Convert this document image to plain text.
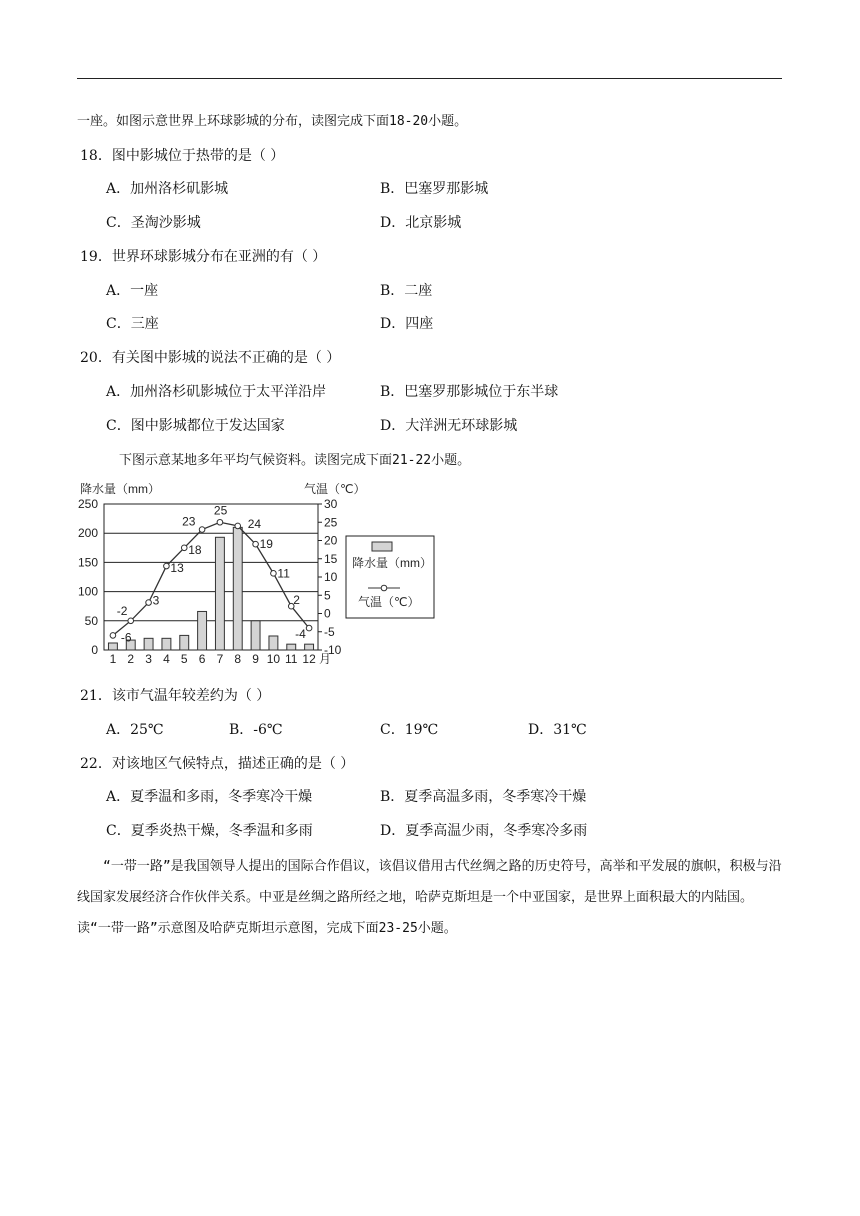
一座。如图示意世界上环球影城的分布，读图完成下面18-20小题。
18．图中影城位于热带的是（ ）
A．加州洛杉矶影城	B．巴塞罗那影城
C．圣淘沙影城	D．北京影城
19．世界环球影城分布在亚洲的有（ ）
A．一座	B．二座
C．三座	D．四座
20．有关图中影城的说法不正确的是（ ）
A．加州洛杉矶影城位于太平洋沿岸	B．巴塞罗那影城位于东半球
C．图中影城都位于发达国家	D．大洋洲无环球影城
下图示意某地多年平均气候资料。读图完成下面21-22小题。
0
50
100
150
200
250
-10
-5
0
5
10
15
20
25
30
降水量（mm）	气温（℃）
1 2 3 4 5 6 7 8 9 10 11 12 月
-6
-2
3
13
18
23
25
24
19
11
2
-4
降水量（mm）
气温（℃）
21．该市气温年较差约为（ ）
A．25℃	B．-6℃	C．19℃	D．31℃
22．对该地区气候特点，描述正确的是（ ）
A．夏季温和多雨，冬季寒冷干燥	B．夏季高温多雨，冬季寒冷干燥
C．夏季炎热干燥，冬季温和多雨	D．夏季高温少雨，冬季寒冷多雨
“一带一路”是我国领导人提出的国际合作倡议，该倡议借用古代丝绸之路的历史符号，高举和平发展的旗帜，积极与沿线国家发展经济合作伙伴关系。中亚是丝绸之路所经之地，哈萨克斯坦是一个中亚国家，是世界上面积最大的内陆国。读“一带一路”示意图及哈萨克斯坦示意图，完成下面23-25小题。
